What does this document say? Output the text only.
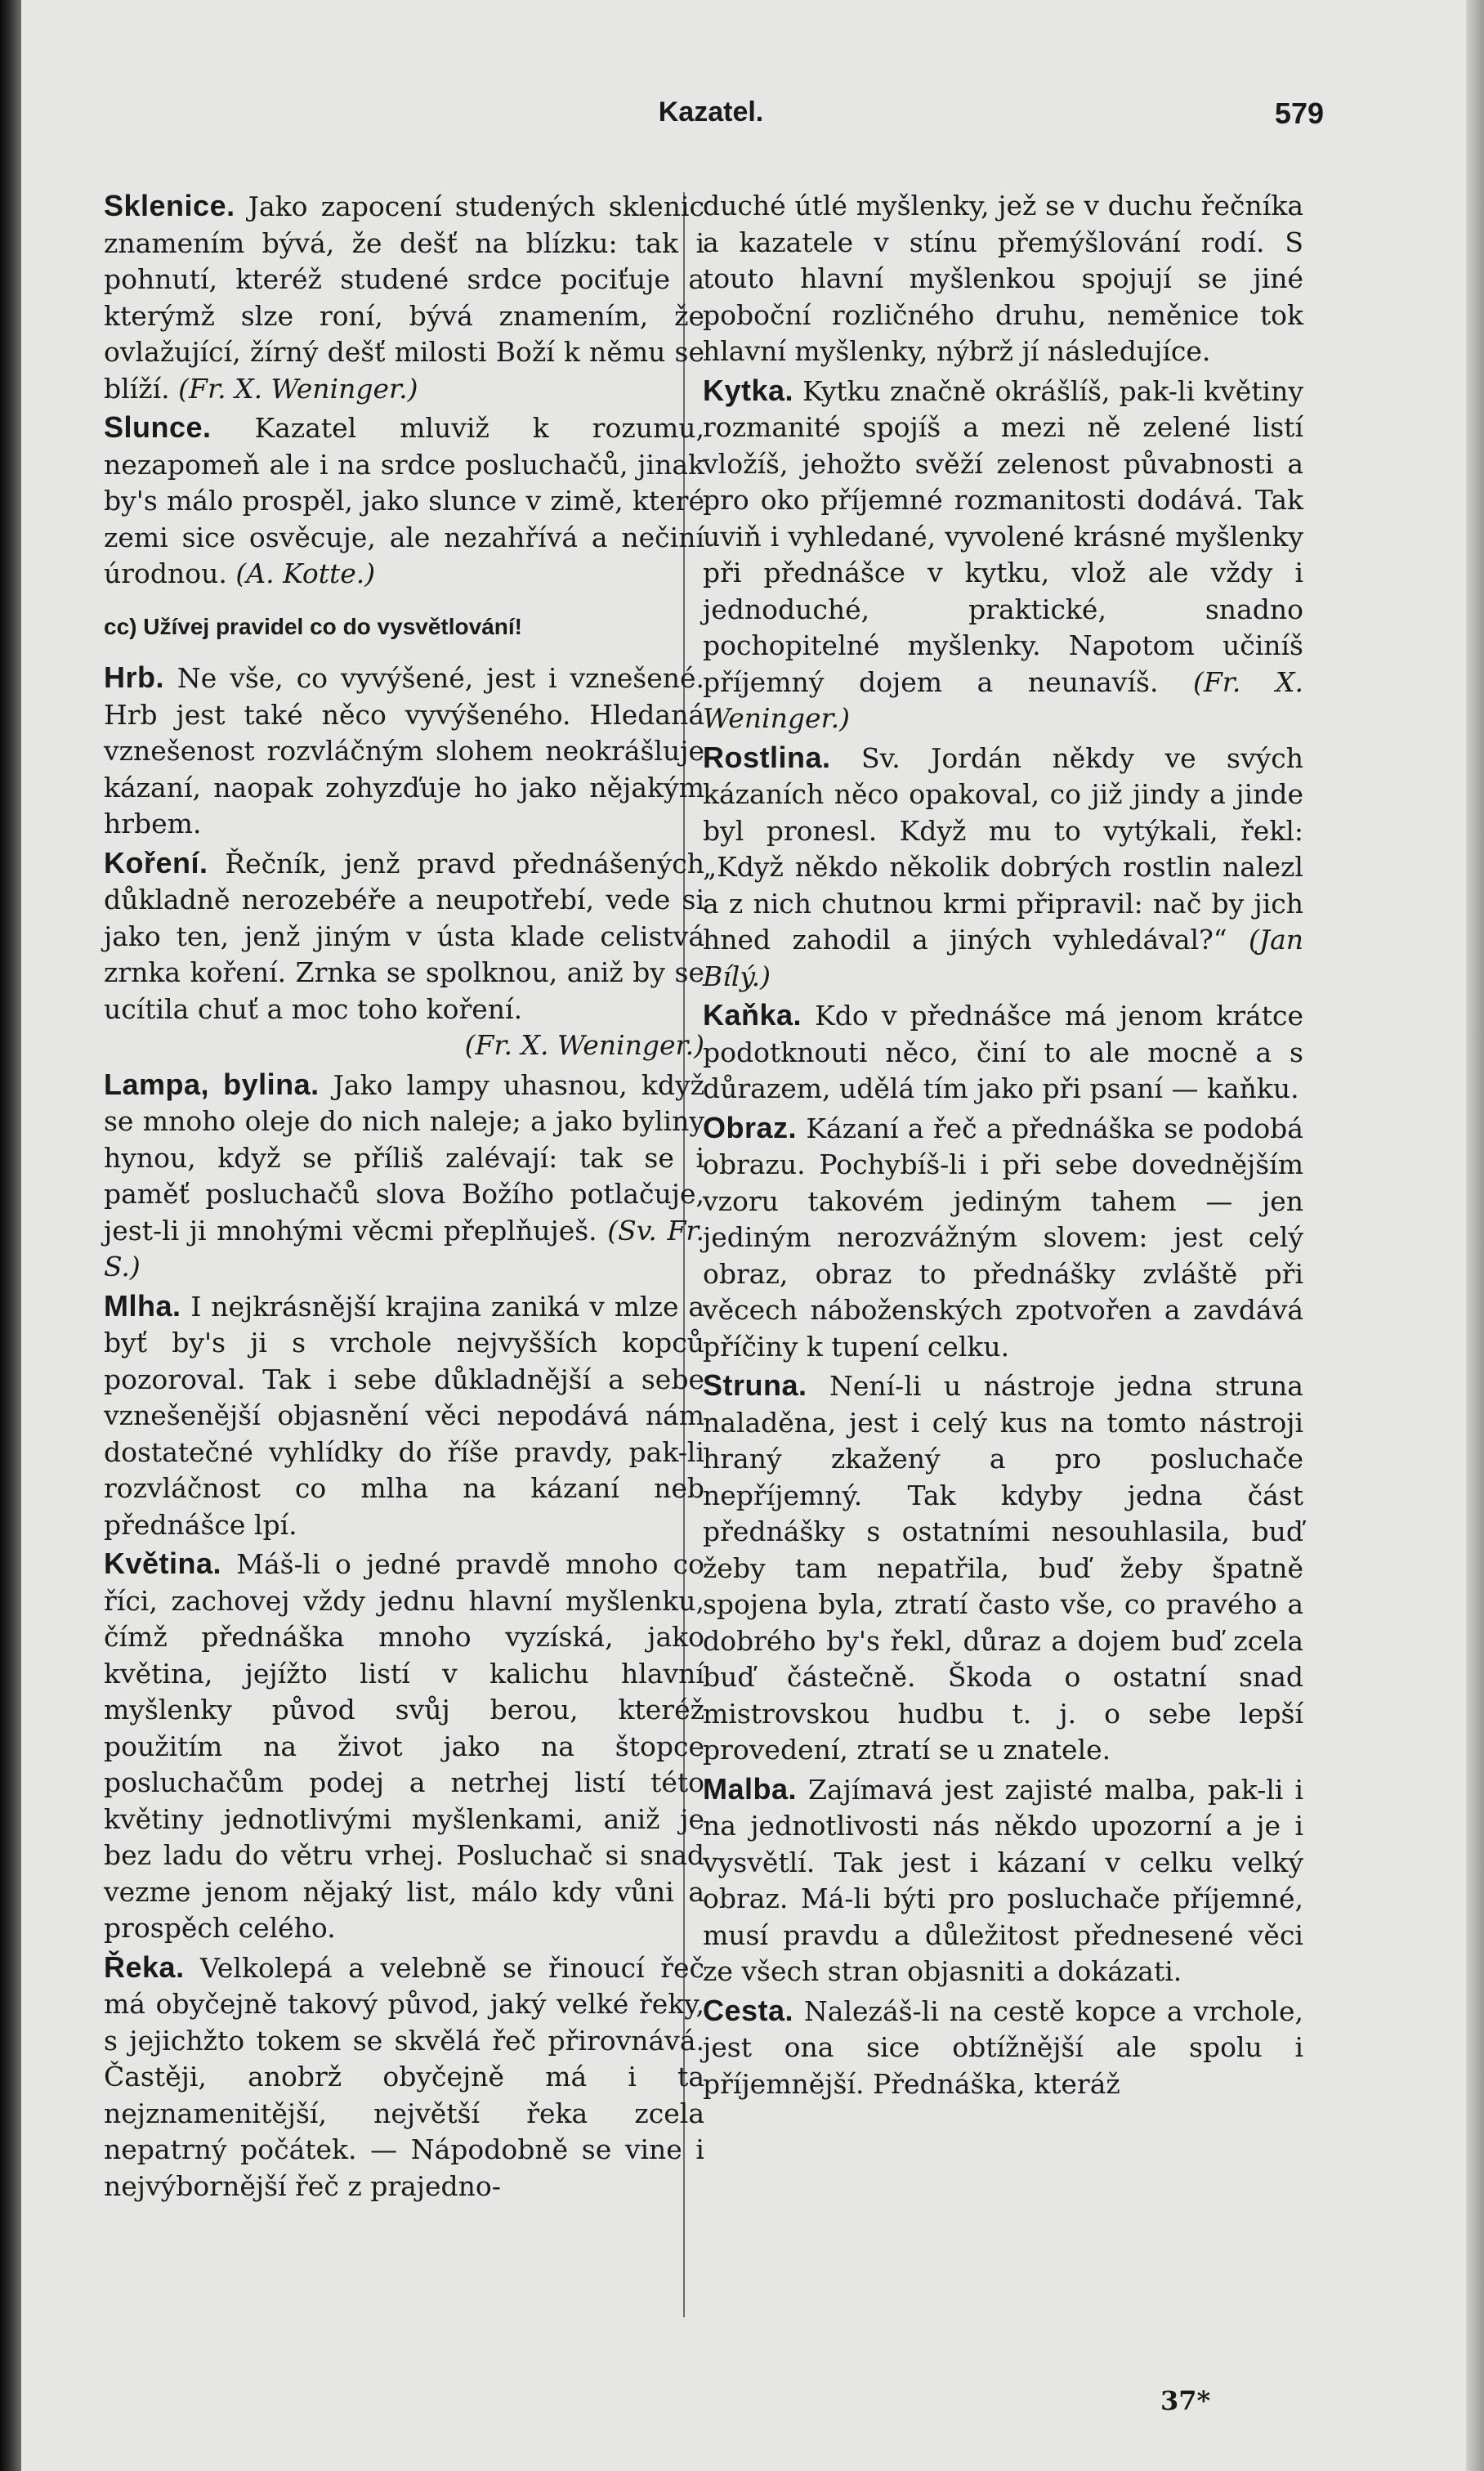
Kazatel.	579

Sklenice. Jako zapocení studených sklenic znamením bývá, že dešť na blízku: tak i pohnutí, kteréž studené srdce pociťuje a kterýmž slze roní, bývá znamením, že ovlažující, žírný dešť milosti Boží k němu se blíží. (Fr. X. Weninger.)

Slunce. Kazatel mluviž k rozumu, nezapomeň ale i na srdce posluchačů, jinak by's málo prospěl, jako slunce v zimě, které zemi sice osvěcuje, ale nezahřívá a nečiní úrodnou. (A. Kotte.)

cc) Užívej pravidel co do vysvětlování!

Hrb. Ne vše, co vyvýšené, jest i vznešené. Hrb jest také něco vyvýšeného. Hledaná vznešenost rozvláčným slohem neokrášluje kázaní, naopak zohyzďuje ho jako nějakým hrbem.

Koření. Řečník, jenž pravd přednášených důkladně nerozebéře a neupotřebí, vede si jako ten, jenž jiným v ústa klade celistvá zrnka koření. Zrnka se spolknou, aniž by se ucítila chuť a moc toho koření.
(Fr. X. Weninger.)

Lampa, bylina. Jako lampy uhasnou, když se mnoho oleje do nich naleje; a jako byliny hynou, když se příliš zalévají: tak se i paměť posluchačů slova Božího potlačuje, jest-li ji mnohými věcmi přeplňuješ. (Sv. Fr. S.)

Mlha. I nejkrásnější krajina zaniká v mlze a byť by's ji s vrchole nejvyšších kopců pozoroval. Tak i sebe důkladnější a sebe vznešenější objasnění věci nepodává nám dostatečné vyhlídky do říše pravdy, pak-li rozvláčnost co mlha na kázaní neb přednášce lpí.

Květina. Máš-li o jedné pravdě mnoho co říci, zachovej vždy jednu hlavní myšlenku, čímž přednáška mnoho vyzíská, jako květina, jejížto listí v kalichu hlavní myšlenky původ svůj berou, kteréž použitím na život jako na štopce posluchačům podej a netrhej listí této květiny jednotlivými myšlenkami, aniž je bez ladu do větru vrhej. Posluchač si snad vezme jenom nějaký list, málo kdy vůni a prospěch celého.

Řeka. Velkolepá a velebně se řinoucí řeč má obyčejně takový původ, jaký velké řeky, s jejichžto tokem se skvělá řeč přirovnává. Častěji, anobrž obyčejně má i ta nejznamenitější, největší řeka zcela nepatrný počátek. — Nápodobně se vine i nejvýbornější řeč z prajedno-

duché útlé myšlenky, jež se v duchu řečníka a kazatele v stínu přemýšlování rodí. S touto hlavní myšlenkou spojují se jiné poboční rozličného druhu, neměnice tok hlavní myšlenky, nýbrž jí následujíce.

Kytka. Kytku značně okrášlíš, pak-li květiny rozmanité spojíš a mezi ně zelené listí vložíš, jehožto svěží zelenost půvabnosti a pro oko příjemné rozmanitosti dodává. Tak uviň i vyhledané, vyvolené krásné myšlenky při přednášce v kytku, vlož ale vždy i jednoduché, praktické, snadno pochopitelné myšlenky. Napotom učiníš příjemný dojem a neunavíš. (Fr. X. Weninger.)

Rostlina. Sv. Jordán někdy ve svých kázaních něco opakoval, co již jindy a jinde byl pronesl. Když mu to vytýkali, řekl: „Když někdo několik dobrých rostlin nalezl a z nich chutnou krmi připravil: nač by jich hned zahodil a jiných vyhledával?“ (Jan Bílý.)

Kaňka. Kdo v přednášce má jenom krátce podotknouti něco, činí to ale mocně a s důrazem, udělá tím jako při psaní — kaňku.

Obraz. Kázaní a řeč a přednáška se podobá obrazu. Pochybíš-li i při sebe dovednějším vzoru takovém jediným tahem — jen jediným nerozvážným slovem: jest celý obraz, obraz to přednášky zvláště při věcech náboženských zpotvořen a zavdává příčiny k tupení celku.

Struna. Není-li u nástroje jedna struna naladěna, jest i celý kus na tomto nástroji hraný zkažený a pro posluchače nepříjemný. Tak kdyby jedna část přednášky s ostatními nesouhlasila, buď žeby tam nepatřila, buď žeby špatně spojena byla, ztratí často vše, co pravého a dobrého by's řekl, důraz a dojem buď zcela buď částečně. Škoda o ostatní snad mistrovskou hudbu t. j. o sebe lepší provedení, ztratí se u znatele.

Malba. Zajímavá jest zajisté malba, pak-li i na jednotlivosti nás někdo upozorní a je i vysvětlí. Tak jest i kázaní v celku velký obraz. Má-li býti pro posluchače příjemné, musí pravdu a důležitost přednesené věci ze všech stran objasniti a dokázati.

Cesta. Nalezáš-li na cestě kopce a vrchole, jest ona sice obtížnější ale spolu i příjemnější. Přednáška, kteráž

37*
